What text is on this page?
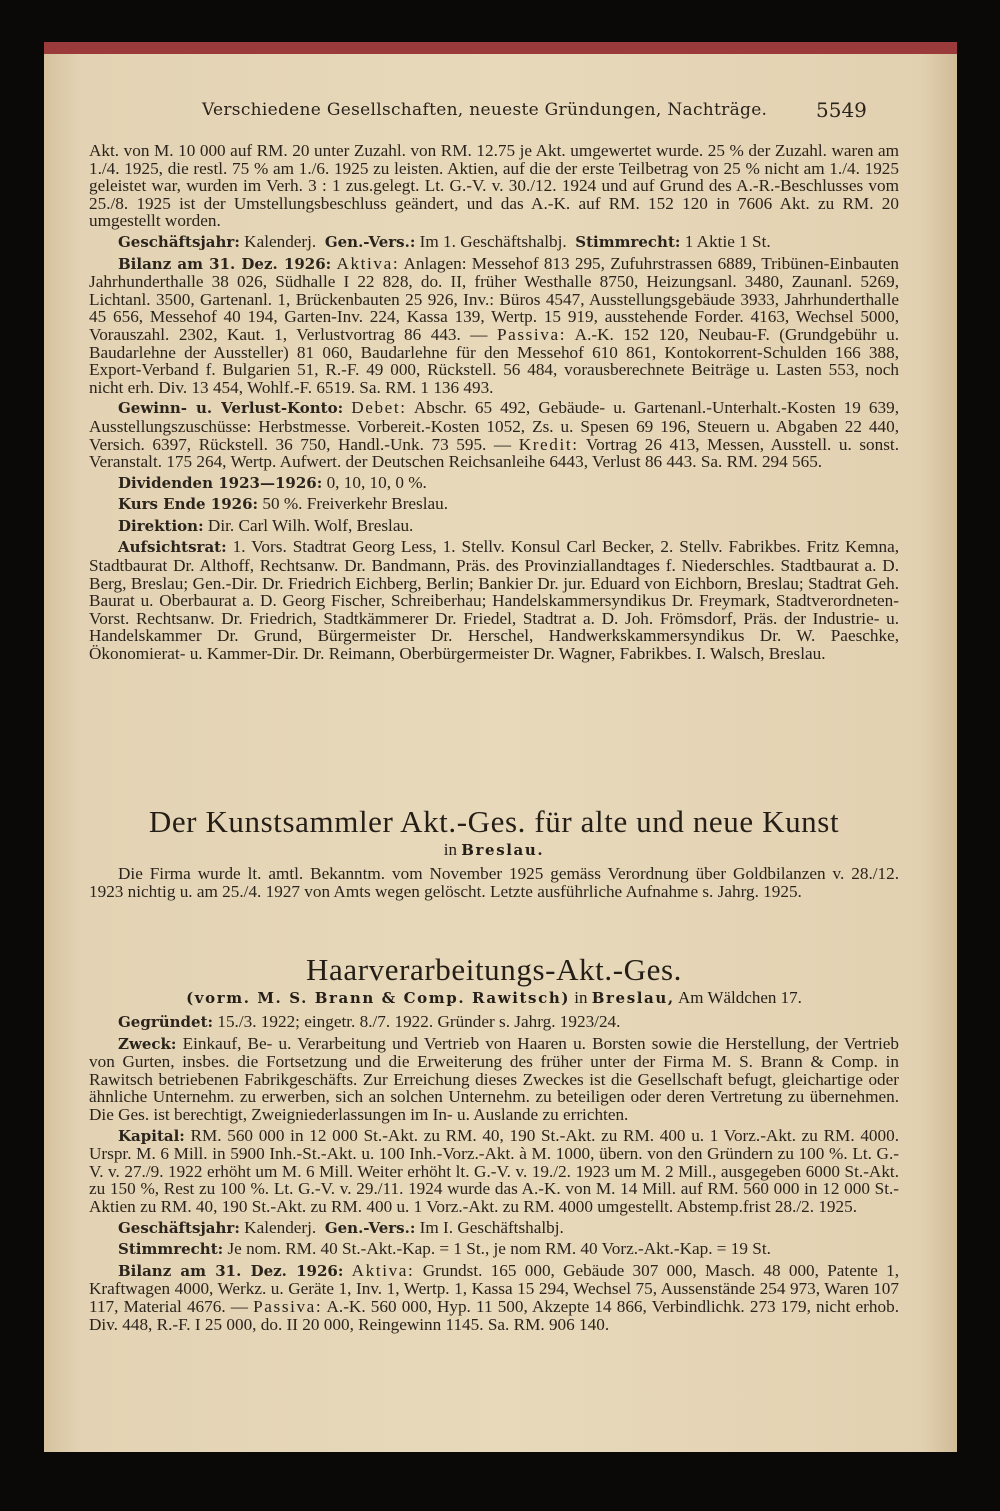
Verschiedene Gesellschaften, neueste Gründungen, Nachträge. 5549

Akt. von M. 10 000 auf RM. 20 unter Zuzahl. von RM. 12.75 je Akt. umgewertet wurde. 25 % der Zuzahl. waren am 1./4. 1925, die restl. 75 % am 1./6. 1925 zu leisten. Aktien, auf die der erste Teilbetrag von 25 % nicht am 1./4. 1925 geleistet war, wurden im Verh. 3 : 1 zus.gelegt. Lt. G.-V. v. 30./12. 1924 und auf Grund des A.-R.-Beschlusses vom 25./8. 1925 ist der Umstellungsbeschluss geändert, und das A.-K. auf RM. 152 120 in 7606 Akt. zu RM. 20 umgestellt worden.

Geschäftsjahr: Kalenderj. Gen.-Vers.: Im 1. Geschäftshalbj. Stimmrecht: 1 Aktie 1 St.

Bilanz am 31. Dez. 1926: Aktiva: Anlagen: Messehof 813 295, Zufuhrstrassen 6889, Tribünen-Einbauten Jahrhunderthalle 38 026, Südhalle I 22 828, do. II, früher Westhalle 8750, Heizungsanl. 3480, Zaunanl. 5269, Lichtanl. 3500, Gartenanl. 1, Brückenbauten 25 926, Inv.: Büros 4547, Ausstellungsgebäude 3933, Jahrhunderthalle 45 656, Messehof 40 194, Garten-Inv. 224, Kassa 139, Wertp. 15 919, ausstehende Forder. 4163, Wechsel 5000, Vorauszahl. 2302, Kaut. 1, Verlustvortrag 86 443. — Passiva: A.-K. 152 120, Neubau-F. (Grundgebühr u. Baudarlehne der Aussteller) 81 060, Baudarlehne für den Messehof 610 861, Kontokorrent-Schulden 166 388, Export-Verband f. Bulgarien 51, R.-F. 49 000, Rückstell. 56 484, vorausberechnete Beiträge u. Lasten 553, noch nicht erh. Div. 13 454, Wohlf.-F. 6519. Sa. RM. 1 136 493.

Gewinn- u. Verlust-Konto: Debet: Abschr. 65 492, Gebäude- u. Gartenanl.-Unterhalt.-Kosten 19 639, Ausstellungszuschüsse: Herbstmesse. Vorbereit.-Kosten 1052, Zs. u. Spesen 69 196, Steuern u. Abgaben 22 440, Versich. 6397, Rückstell. 36 750, Handl.-Unk. 73 595. — Kredit: Vortrag 26 413, Messen, Ausstell. u. sonst. Veranstalt. 175 264, Wertp. Aufwert. der Deutschen Reichsanleihe 6443, Verlust 86 443. Sa. RM. 294 565.

Dividenden 1923—1926: 0, 10, 10, 0 %.

Kurs Ende 1926: 50 %. Freiverkehr Breslau.

Direktion: Dir. Carl Wilh. Wolf, Breslau.

Aufsichtsrat: 1. Vors. Stadtrat Georg Less, 1. Stellv. Konsul Carl Becker, 2. Stellv. Fabrikbes. Fritz Kemna, Stadtbaurat Dr. Althoff, Rechtsanw. Dr. Bandmann, Präs. des Provinziallandtages f. Niederschles. Stadtbaurat a. D. Berg, Breslau; Gen.-Dir. Dr. Friedrich Eichberg, Berlin; Bankier Dr. jur. Eduard von Eichborn, Breslau; Stadtrat Geh. Baurat u. Oberbaurat a. D. Georg Fischer, Schreiberhau; Handelskammersyndikus Dr. Freymark, Stadtverordneten-Vorst. Rechtsanw. Dr. Friedrich, Stadtkämmerer Dr. Friedel, Stadtrat a. D. Joh. Frömsdorf, Präs. der Industrie- u. Handelskammer Dr. Grund, Bürgermeister Dr. Herschel, Handwerkskammersyndikus Dr. W. Paeschke, Ökonomierat- u. Kammer-Dir. Dr. Reimann, Oberbürgermeister Dr. Wagner, Fabrikbes. I. Walsch, Breslau.

Der Kunstsammler Akt.-Ges. für alte und neue Kunst

in Breslau.

Die Firma wurde lt. amtl. Bekanntm. vom November 1925 gemäss Verordnung über Goldbilanzen v. 28./12. 1923 nichtig u. am 25./4. 1927 von Amts wegen gelöscht. Letzte ausführliche Aufnahme s. Jahrg. 1925.

Haarverarbeitungs-Akt.-Ges.

(vorm. M. S. Brann & Comp. Rawitsch) in Breslau, Am Wäldchen 17.

Gegründet: 15./3. 1922; eingetr. 8./7. 1922. Gründer s. Jahrg. 1923/24.

Zweck: Einkauf, Be- u. Verarbeitung und Vertrieb von Haaren u. Borsten sowie die Herstellung, der Vertrieb von Gurten, insbes. die Fortsetzung und die Erweiterung des früher unter der Firma M. S. Brann & Comp. in Rawitsch betriebenen Fabrikgeschäfts. Zur Erreichung dieses Zweckes ist die Gesellschaft befugt, gleichartige oder ähnliche Unternehm. zu erwerben, sich an solchen Unternehm. zu beteiligen oder deren Vertretung zu übernehmen. Die Ges. ist berechtigt, Zweigniederlassungen im In- u. Auslande zu errichten.

Kapital: RM. 560 000 in 12 000 St.-Akt. zu RM. 40, 190 St.-Akt. zu RM. 400 u. 1 Vorz.-Akt. zu RM. 4000. Urspr. M. 6 Mill. in 5900 Inh.-St.-Akt. u. 100 Inh.-Vorz.-Akt. à M. 1000, übern. von den Gründern zu 100 %. Lt. G.-V. v. 27./9. 1922 erhöht um M. 6 Mill. Weiter erhöht lt. G.-V. v. 19./2. 1923 um M. 2 Mill., ausgegeben 6000 St.-Akt. zu 150 %, Rest zu 100 %. Lt. G.-V. v. 29./11. 1924 wurde das A.-K. von M. 14 Mill. auf RM. 560 000 in 12 000 St.-Aktien zu RM. 40, 190 St.-Akt. zu RM. 400 u. 1 Vorz.-Akt. zu RM. 4000 umgestellt. Abstemp.frist 28./2. 1925.

Geschäftsjahr: Kalenderj. Gen.-Vers.: Im I. Geschäftshalbj.

Stimmrecht: Je nom. RM. 40 St.-Akt.-Kap. = 1 St., je nom RM. 40 Vorz.-Akt.-Kap. = 19 St.

Bilanz am 31. Dez. 1926: Aktiva: Grundst. 165 000, Gebäude 307 000, Masch. 48 000, Patente 1, Kraftwagen 4000, Werkz. u. Geräte 1, Inv. 1, Wertp. 1, Kassa 15 294, Wechsel 75, Aussenstände 254 973, Waren 107 117, Material 4676. — Passiva: A.-K. 560 000, Hyp. 11 500, Akzepte 14 866, Verbindlichk. 273 179, nicht erhob. Div. 448, R.-F. I 25 000, do. II 20 000, Reingewinn 1145. Sa. RM. 906 140.
